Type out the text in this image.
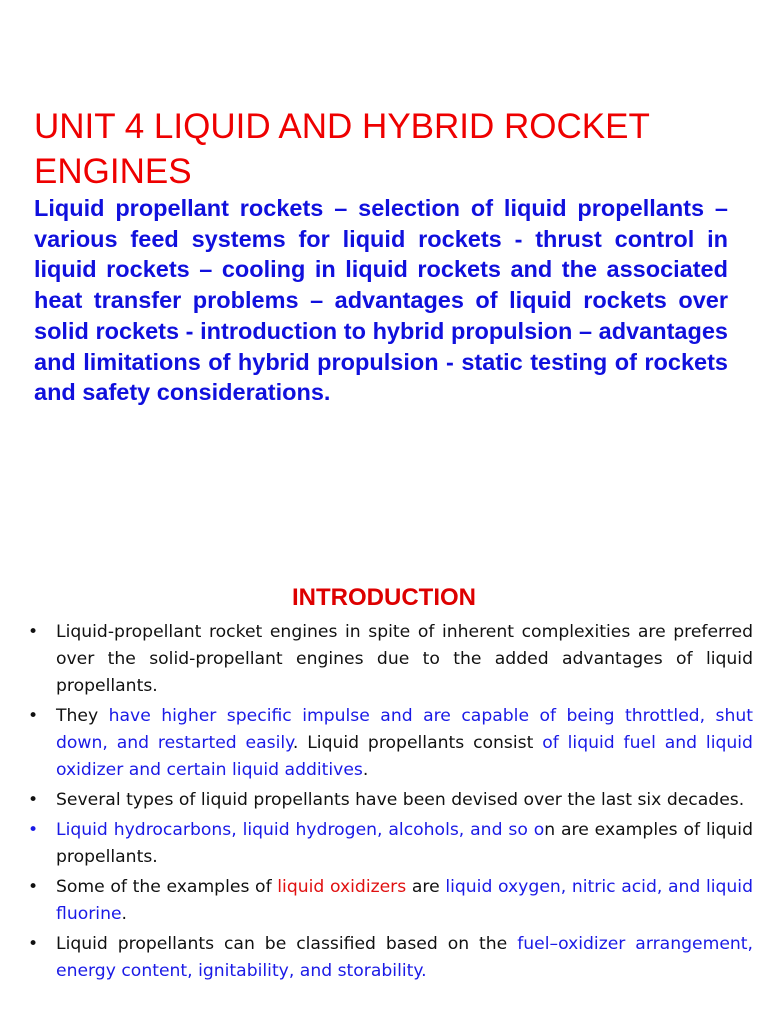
UNIT 4 LIQUID AND HYBRID ROCKET ENGINES

Liquid propellant rockets – selection of liquid propellants – various feed systems for liquid rockets - thrust control in liquid rockets – cooling in liquid rockets and the associated heat transfer problems – advantages of liquid rockets over solid rockets - introduction to hybrid propulsion – advantages and limitations of hybrid propulsion - static testing of rockets and safety considerations.

INTRODUCTION
• Liquid-propellant rocket engines in spite of inherent complexities are preferred over the solid-propellant engines due to the added advantages of liquid propellants.
• They have higher specific impulse and are capable of being throttled, shut down, and restarted easily. Liquid propellants consist of liquid fuel and liquid oxidizer and certain liquid additives.
• Several types of liquid propellants have been devised over the last six decades.
• Liquid hydrocarbons, liquid hydrogen, alcohols, and so on are examples of liquid propellants.
• Some of the examples of liquid oxidizers are liquid oxygen, nitric acid, and liquid fluorine.
• Liquid propellants can be classified based on the fuel–oxidizer arrangement, energy content, ignitability, and storability.
